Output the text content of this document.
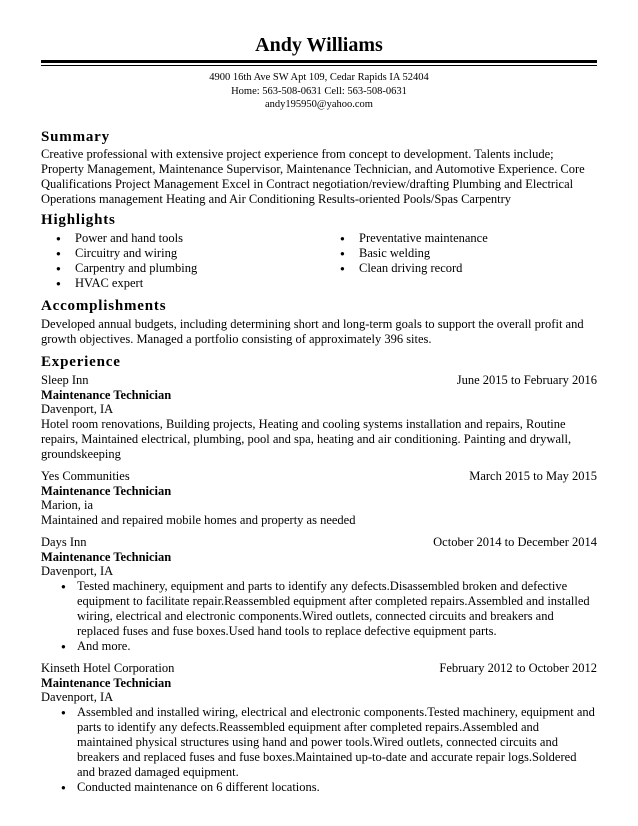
Andy Williams
4900 16th Ave SW Apt 109, Cedar Rapids IA 52404
Home: 563-508-0631 Cell: 563-508-0631
andy195950@yahoo.com
Summary
Creative professional with extensive project experience from concept to development. Talents include; Property Management, Maintenance Supervisor, Maintenance Technician, and Automotive Experience. Core Qualifications Project Management Excel in Contract negotiation/review/drafting Plumbing and Electrical Operations management Heating and Air Conditioning Results-oriented Pools/Spas Carpentry
Highlights
● Power and hand tools
● Circuitry and wiring
● Carpentry and plumbing
● HVAC expert
● Preventative maintenance
● Basic welding
● Clean driving record
Accomplishments
Developed annual budgets, including determining short and long-term goals to support the overall profit and growth objectives. Managed a portfolio consisting of approximately 396 sites.
Experience
Sleep Inn	June 2015 to February 2016
Maintenance Technician
Davenport, IA
Hotel room renovations, Building projects, Heating and cooling systems installation and repairs, Routine repairs, Maintained electrical, plumbing, pool and spa, heating and air conditioning. Painting and drywall, groundskeeping
Yes Communities	March 2015 to May 2015
Maintenance Technician
Marion, ia
Maintained and repaired mobile homes and property as needed
Days Inn	October 2014 to December 2014
Maintenance Technician
Davenport, IA
● Tested machinery, equipment and parts to identify any defects.Disassembled broken and defective equipment to facilitate repair.Reassembled equipment after completed repairs.Assembled and installed wiring, electrical and electronic components.Wired outlets, connected circuits and breakers and replaced fuses and fuse boxes.Used hand tools to replace defective equipment parts.
● And more.
Kinseth Hotel Corporation	February 2012 to October 2012
Maintenance Technician
Davenport, IA
● Assembled and installed wiring, electrical and electronic components.Tested machinery, equipment and parts to identify any defects.Reassembled equipment after completed repairs.Assembled and maintained physical structures using hand and power tools.Wired outlets, connected circuits and breakers and replaced fuses and fuse boxes.Maintained up-to-date and accurate repair logs.Soldered and brazed damaged equipment.
● Conducted maintenance on 6 different locations.
